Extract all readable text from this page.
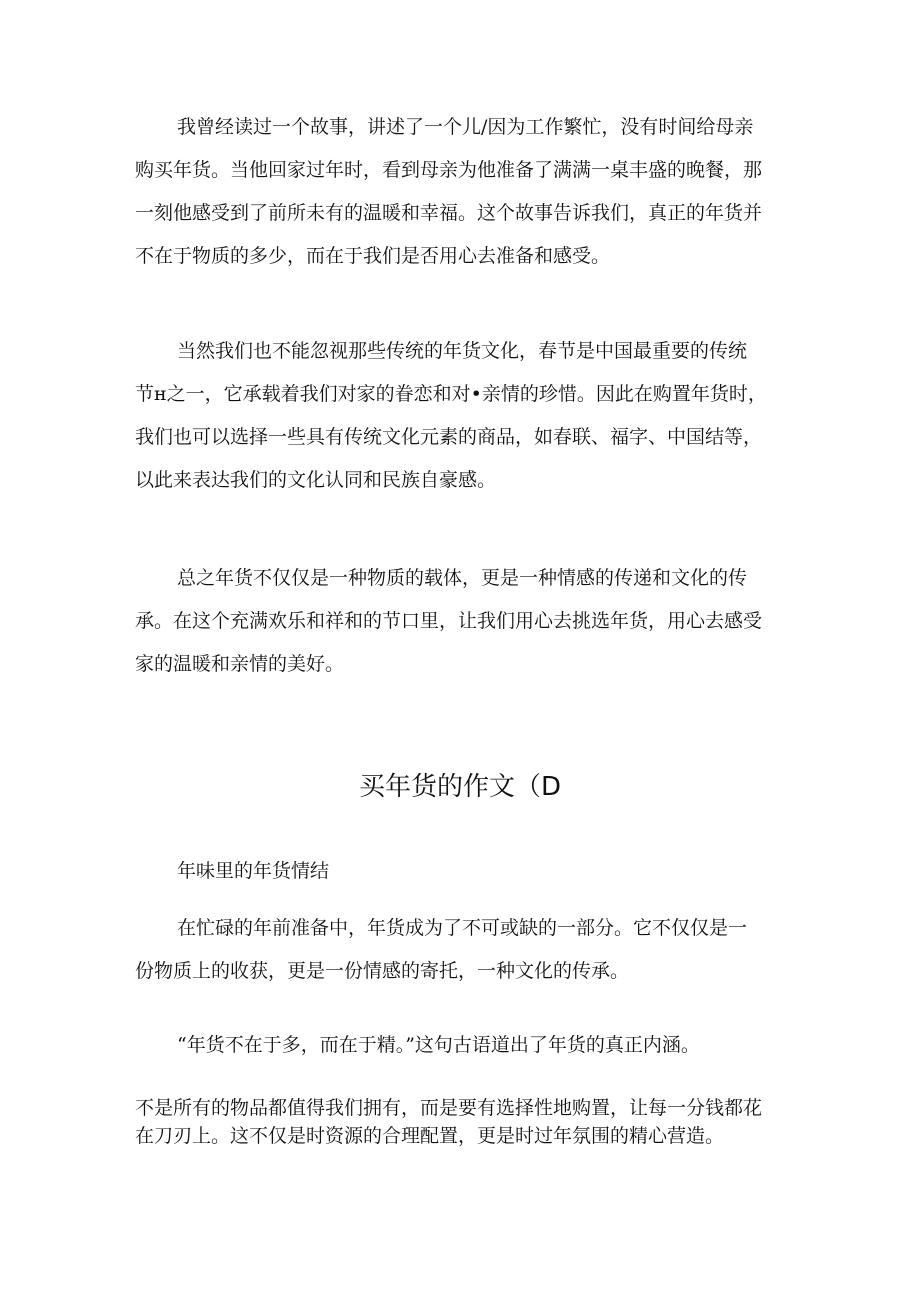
我曾经读过一个故事，讲述了一个儿/因为工作繁忙，没有时间给母亲
购买年货。当他回家过年时，看到母亲为他准备了满满一桌丰盛的晚餐，那
一刻他感受到了前所未有的温暖和幸福。这个故事告诉我们，真正的年货并
不在于物质的多少，而在于我们是否用心去准备和感受。

当然我们也不能忽视那些传统的年货文化，春节是中国最重要的传统
节н之一，它承载着我们对家的眷恋和对•亲情的珍惜。因此在购置年货时，
我们也可以选择一些具有传统文化元素的商品，如春联、福字、中国结等，
以此来表达我们的文化认同和民族自豪感。

总之年货不仅仅是一种物质的载体，更是一种情感的传递和文化的传
承。在这个充满欢乐和祥和的节口里，让我们用心去挑选年货，用心去感受
家的温暖和亲情的美好。

买年货的作文（D

年味里的年货情结

在忙碌的年前准备中，年货成为了不可或缺的一部分。它不仅仅是一
份物质上的收获，更是一份情感的寄托，一种文化的传承。

“年货不在于多，而在于精。”这句古语道出了年货的真正内涵。

不是所有的物品都值得我们拥有，而是要有选择性地购置，让每一分钱都花
在刀刃上。这不仅是时资源的合理配置，更是时过年氛围的精心营造。
